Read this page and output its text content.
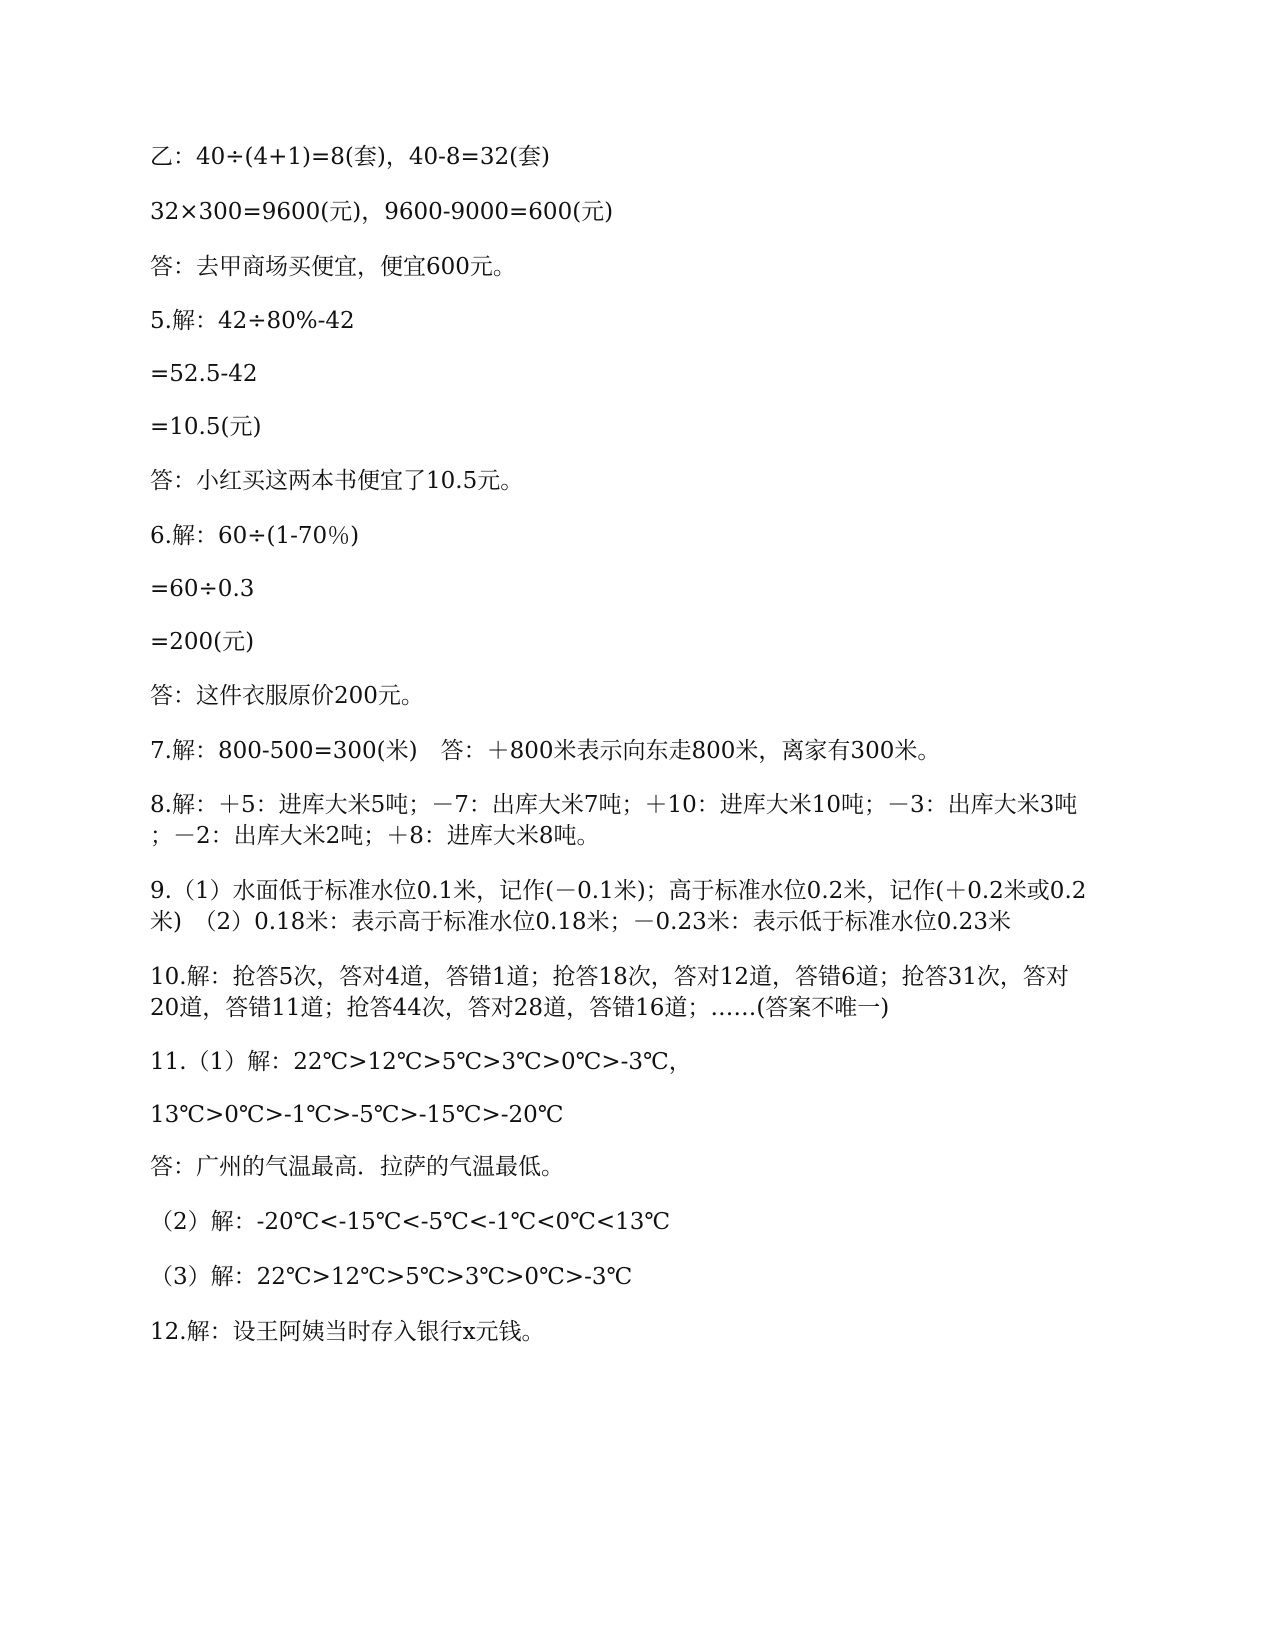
乙：40÷(4+1)=8(套)，40-8=32(套)
32×300=9600(元)，9600-9000=600(元)
答：去甲商场买便宜，便宜600元。
5.解：42÷80%-42
=52.5-42
=10.5(元)
答：小红买这两本书便宜了10.5元。
6.解：60÷(1-70％)
=60÷0.3
=200(元)
答：这件衣服原价200元。
7.解：800-500=300(米)　答：＋800米表示向东走800米，离家有300米。
8.解：＋5：进库大米5吨；－7：出库大米7吨；＋10：进库大米10吨；－3：出库大米3吨
；－2：出库大米2吨；＋8：进库大米8吨。
9.（1）水面低于标准水位0.1米，记作(－0.1米)；高于标准水位0.2米，记作(＋0.2米或0.2
米)　（2）0.18米：表示高于标准水位0.18米；－0.23米：表示低于标准水位0.23米
10.解：抢答5次，答对4道，答错1道；抢答18次，答对12道，答错6道；抢答31次，答对
20道，答错11道；抢答44次，答对28道，答错16道；……(答案不唯一)
11.（1）解：22℃>12℃>5℃>3℃>0℃>-3℃，
13℃>0℃>-1℃>-5℃>-15℃>-20℃
答：广州的气温最高．拉萨的气温最低。
（2）解：-20℃<-15℃<-5℃<-1℃<0℃<13℃
（3）解：22℃>12℃>5℃>3℃>0℃>-3℃
12.解：设王阿姨当时存入银行x元钱。
